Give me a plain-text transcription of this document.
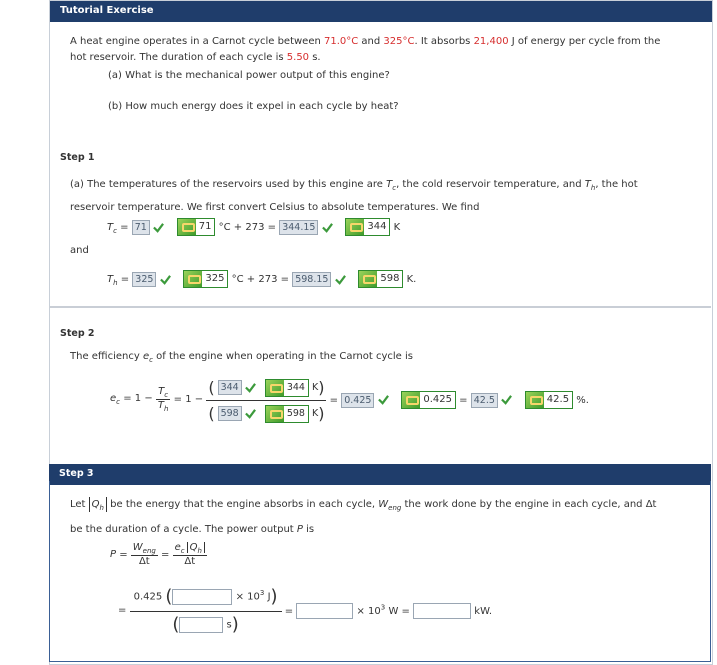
Tutorial Exercise
A heat engine operates in a Carnot cycle between 71.0°C and 325°C. It absorbs 21,400 J of energy per cycle from the
hot reservoir. The duration of each cycle is 5.50 s.
(a) What is the mechanical power output of this engine?
(b) How much energy does it expel in each cycle by heat?
Step 1
(a) The temperatures of the reservoirs used by this engine are $T_c$, the cold reservoir temperature, and $T_h$, the hot
reservoir temperature. We first convert Celsius to absolute temperatures. We find
$T_c = 71$	71 °C + 273 = 344.15	344 K
and
$T_h = 325$	325 °C + 273 = 598.15	598 K.
Step 2
The efficiency $e_c$ of the engine when operating in the Carnot cycle is
$e_c = 1 - \frac{T_c}{T_h} = 1$ − ( 344	344 K)
( 598	598 K) = 0.425	0.425 = 42.5	42.5 %.
Step 3
Let $Q_h$ be the energy that the engine absorbs in each cycle, $W_{eng}$ the work done by the engine in each cycle, and Δt
be the duration of a cycle. The power output P is
$P = \frac{W_{eng}}{\Delta t} = \frac{e_c Q_h}{\Delta t}$
= 0.425 (	× $10^3$ J)
(	s) =	× $10^3$ W =	kW.
